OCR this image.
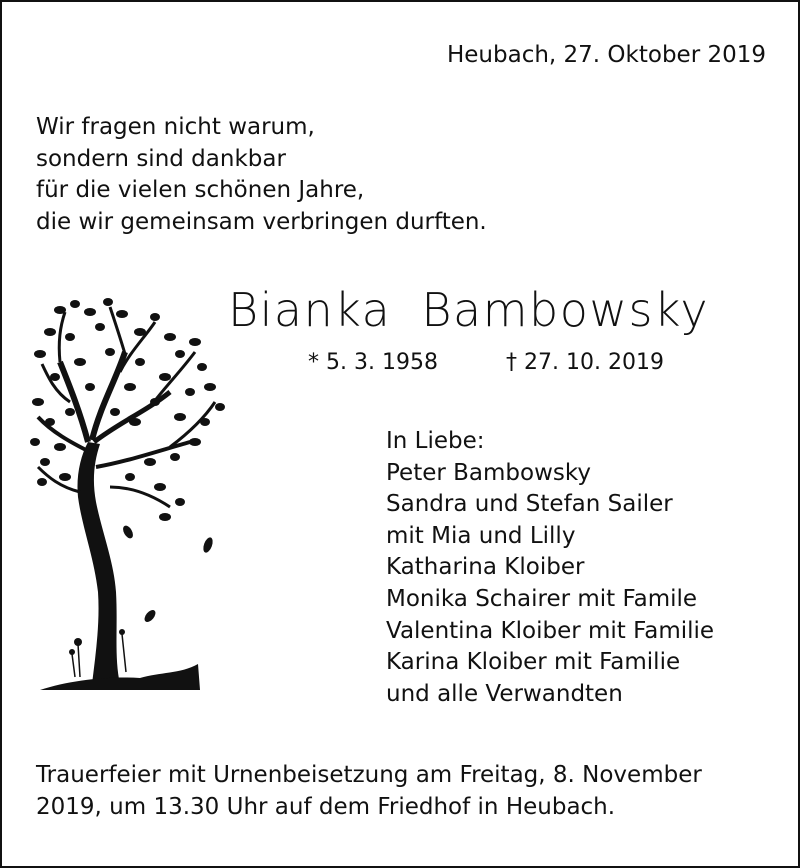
Heubach, 27. Oktober 2019

Wir fragen nicht warum,
sondern sind dankbar
für die vielen schönen Jahre,
die wir gemeinsam verbringen durften.

Bianka Bambowsky

* 5. 3. 1958	† 27. 10. 2019

In Liebe:
Peter Bambowsky
Sandra und Stefan Sailer
mit Mia und Lilly
Katharina Kloiber
Monika Schairer mit Famile
Valentina Kloiber mit Familie
Karina Kloiber mit Familie
und alle Verwandten
Trauerfeier mit Urnenbeisetzung am Freitag, 8. November
2019, um 13.30 Uhr auf dem Friedhof in Heubach.
